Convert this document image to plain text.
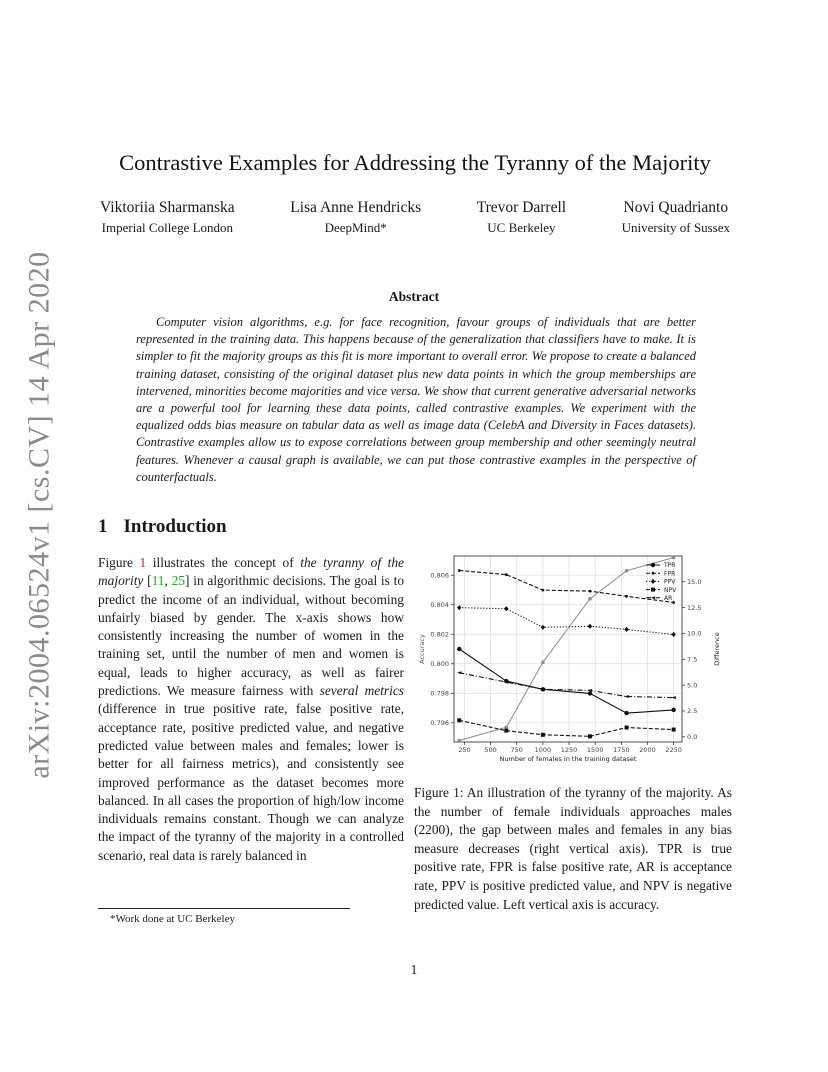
arXiv:2004.06524v1 [cs.CV] 14 Apr 2020
Contrastive Examples for Addressing the Tyranny of the Majority
Viktoriia Sharmanska
Imperial College London
Lisa Anne Hendricks
DeepMind*
Trevor Darrell
UC Berkeley
Novi Quadrianto
University of Sussex
Abstract

Computer vision algorithms, e.g. for face recognition, favour groups of individuals that are better represented in the training data. This happens because of the generalization that classifiers have to make. It is simpler to fit the majority groups as this fit is more important to overall error. We propose to create a balanced training dataset, consisting of the original dataset plus new data points in which the group memberships are intervened, minorities become majorities and vice versa. We show that current generative adversarial networks are a powerful tool for learning these data points, called contrastive examples. We experiment with the equalized odds bias measure on tabular data as well as image data (CelebA and Diversity in Faces datasets). Contrastive examples allow us to expose correlations between group membership and other seemingly neutral features. Whenever a causal graph is available, we can put those contrastive examples in the perspective of counterfactuals.

1 Introduction

Figure 1 illustrates the concept of the tyranny of the majority [11, 25] in algorithmic decisions. The goal is to predict the income of an individual, without becoming unfairly biased by gender. The x-axis shows how consistently increasing the number of women in the training set, until the number of men and women is equal, leads to higher accuracy, as well as fairer predictions. We measure fairness with several metrics (difference in true positive rate, false positive rate, acceptance rate, positive predicted value, and negative predicted value between males and females; lower is better for all fairness metrics), and consistently see improved performance as the dataset becomes more balanced. In all cases the proportion of high/low income individuals remains constant. Though we can analyze the impact of the tyranny of the majority in a controlled scenario, real data is rarely balanced in

*Work done at UC Berkeley
250 500 750 1000 1250 1500 1750 2000 2250
0.796
0.798
0.800
0.802
0.804
0.806
0.0
2.5
5.0
7.5
10.0
12.5
15.0
Number of females in the training dataset
Accuracy	Difference
TPR
FPR
PPV
NPV
AR

Figure 1: An illustration of the tyranny of the majority. As the number of female individuals approaches males (2200), the gap between males and females in any bias measure decreases (right vertical axis). TPR is true positive rate, FPR is false positive rate, AR is acceptance rate, PPV is positive predicted value, and NPV is negative predicted value. Left vertical axis is accuracy.

1
